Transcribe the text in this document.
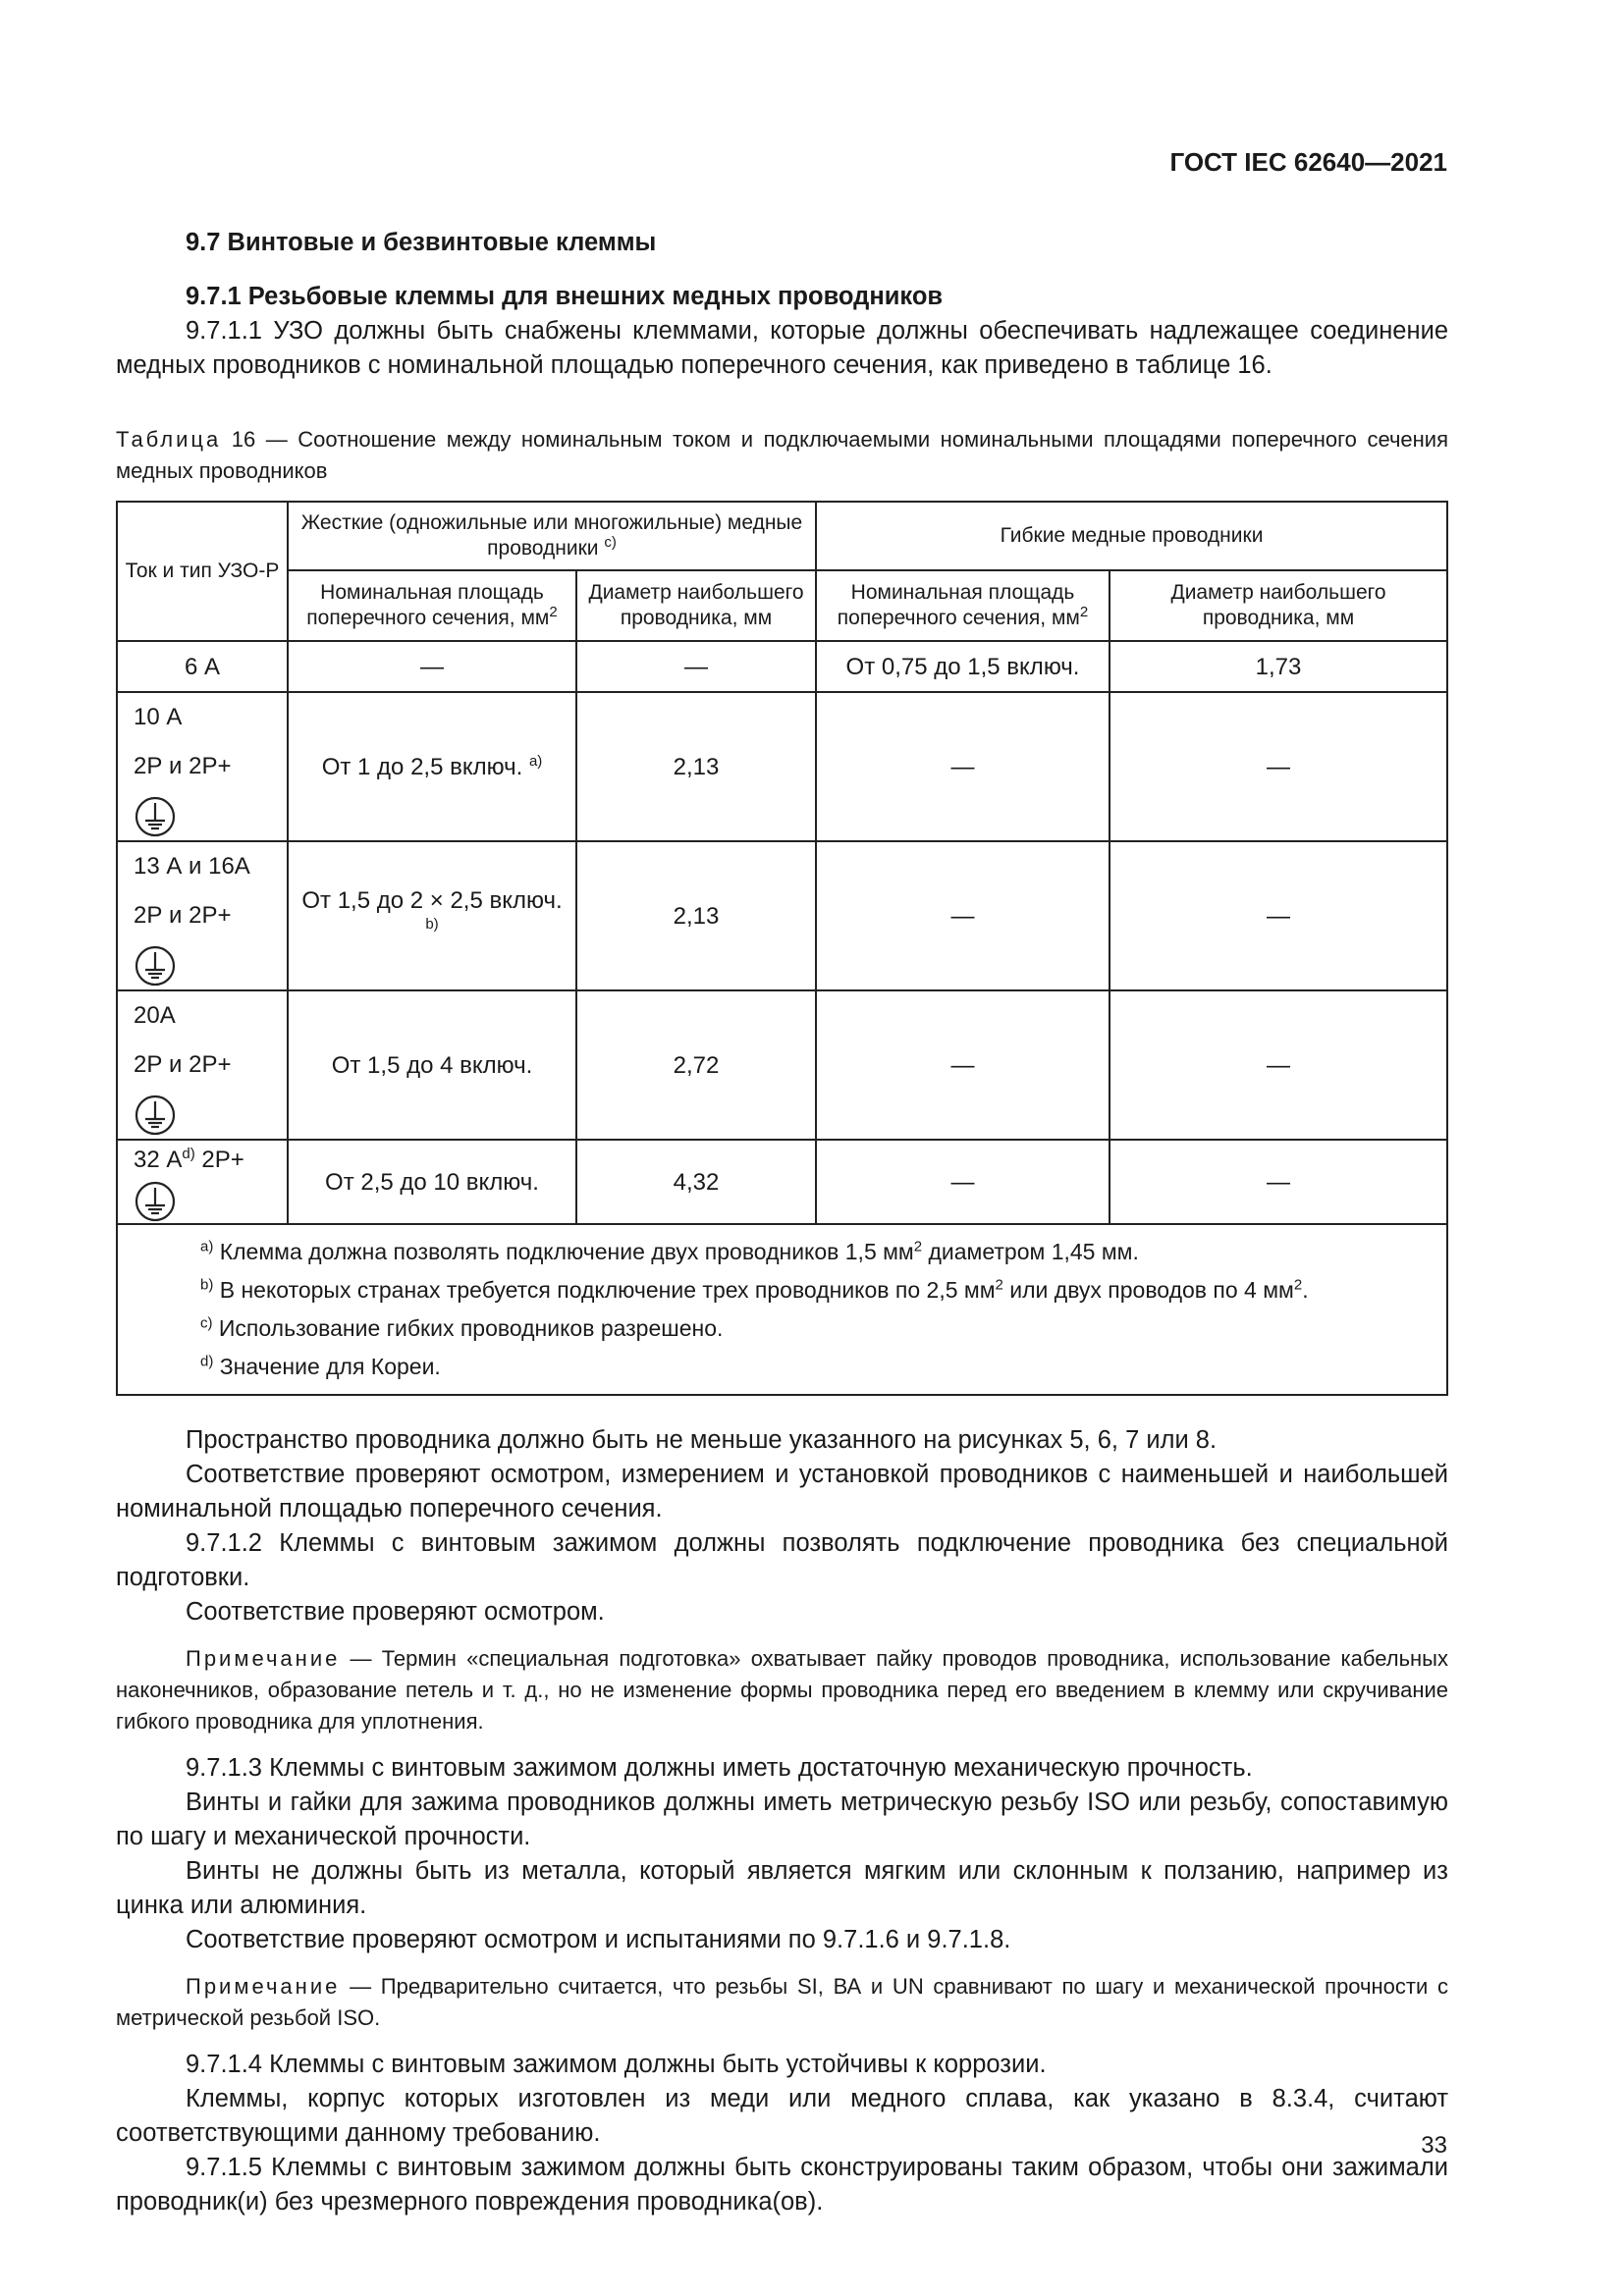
ГОСТ IEC 62640—2021
9.7 Винтовые и безвинтовые клеммы
9.7.1 Резьбовые клеммы для внешних медных проводников

9.7.1.1 УЗО должны быть снабжены клеммами, которые должны обеспечивать надлежащее соединение медных проводников с номинальной площадью поперечного сечения, как приведено в таблице 16.

Таблица 16 — Соотношение между номинальным током и подключаемыми номинальными площадями поперечного сечения медных проводников
Ток и тип УЗО-Р	Жесткие (одножильные или многожильные) медные проводники $^{c)}$		Гибкие медные проводники	
	Номинальная площадь поперечного сечения, $мм^2$	Диаметр наибольшего проводника, мм	Номинальная площадь поперечного сечения, $мм^2$	Диаметр наибольшего проводника, мм
6 А	—	—	От 0,75 до 1,5 включ.	1,73

10 А
2Р и 2Р+	От 1 до 2,5 включ. $^{a)}$	2,13	—	—

13 А и 16А
2Р и 2Р+	От 1,5 до 2 × 2,5 включ. $^{b)}$	2,13	—	—

20А
2Р и 2Р+	От 1,5 до 4 включ.	2,72	—	—
32 $А^{d)}$ 2Р+	От 2,5 до 10 включ.	4,32	—	—

$^{a)}$ Клемма должна позволять подключение двух проводников 1,5 $мм^2$ диаметром 1,45 мм.
$^{b)}$ В некоторых странах требуется подключение трех проводников по 2,5 $мм^2$ или двух проводов по 4 $мм^2$.
$^{c)}$ Использование гибких проводников разрешено.
$^{d)}$ Значение для Кореи.				

Пространство проводника должно быть не меньше указанного на рисунках 5, 6, 7 или 8.

Соответствие проверяют осмотром, измерением и установкой проводников с наименьшей и наибольшей номинальной площадью поперечного сечения.

9.7.1.2 Клеммы с винтовым зажимом должны позволять подключение проводника без специальной подготовки.

Соответствие проверяют осмотром.

Примечание — Термин «специальная подготовка» охватывает пайку проводов проводника, использование кабельных наконечников, образование петель и т. д., но не изменение формы проводника перед его введением в клемму или скручивание гибкого проводника для уплотнения.

9.7.1.3 Клеммы с винтовым зажимом должны иметь достаточную механическую прочность.

Винты и гайки для зажима проводников должны иметь метрическую резьбу ISO или резьбу, сопоставимую по шагу и механической прочности.

Винты не должны быть из металла, который является мягким или склонным к ползанию, например из цинка или алюминия.

Соответствие проверяют осмотром и испытаниями по 9.7.1.6 и 9.7.1.8.

Примечание — Предварительно считается, что резьбы SI, ВА и UN сравнивают по шагу и механической прочности с метрической резьбой ISO.

9.7.1.4 Клеммы с винтовым зажимом должны быть устойчивы к коррозии.

Клеммы, корпус которых изготовлен из меди или медного сплава, как указано в 8.3.4, считают соответствующими данному требованию.

9.7.1.5 Клеммы с винтовым зажимом должны быть сконструированы таким образом, чтобы они зажимали проводник(и) без чрезмерного повреждения проводника(ов).

33
